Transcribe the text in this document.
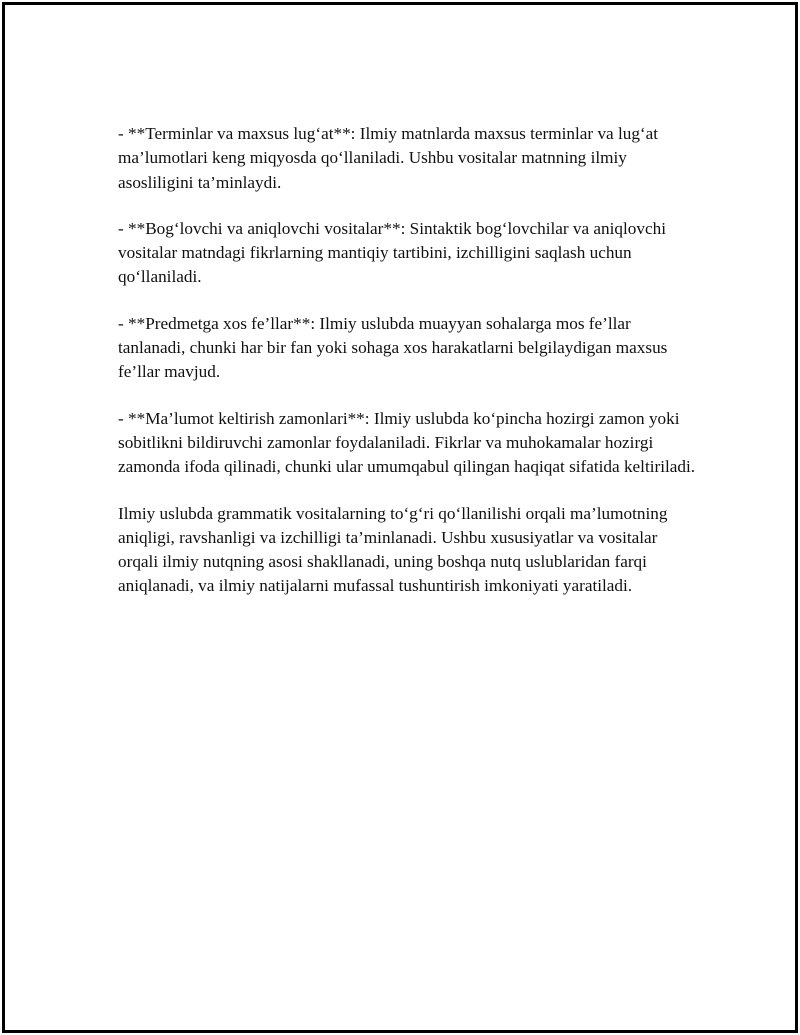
- **Terminlar va maxsus lug‘at**: Ilmiy matnlarda maxsus terminlar va lug‘at ma’lumotlari keng miqyosda qo‘llaniladi. Ushbu vositalar matnning ilmiy asosliligini ta’minlaydi.

- **Bog‘lovchi va aniqlovchi vositalar**: Sintaktik bog‘lovchilar va aniqlovchi vositalar matndagi fikrlarning mantiqiy tartibini, izchilligini saqlash uchun qo‘llaniladi.

- **Predmetga xos fe’llar**: Ilmiy uslubda muayyan sohalarga mos fe’llar tanlanadi, chunki har bir fan yoki sohaga xos harakatlarni belgilaydigan maxsus fe’llar mavjud.

- **Ma’lumot keltirish zamonlari**: Ilmiy uslubda ko‘pincha hozirgi zamon yoki sobitlikni bildiruvchi zamonlar foydalaniladi. Fikrlar va muhokamalar hozirgi zamonda ifoda qilinadi, chunki ular umumqabul qilingan haqiqat sifatida keltiriladi.

Ilmiy uslubda grammatik vositalarning to‘g‘ri qo‘llanilishi orqali ma’lumotning aniqligi, ravshanligi va izchilligi ta’minlanadi. Ushbu xususiyatlar va vositalar orqali ilmiy nutqning asosi shakllanadi, uning boshqa nutq uslublaridan farqi aniqlanadi, va ilmiy natijalarni mufassal tushuntirish imkoniyati yaratiladi.
